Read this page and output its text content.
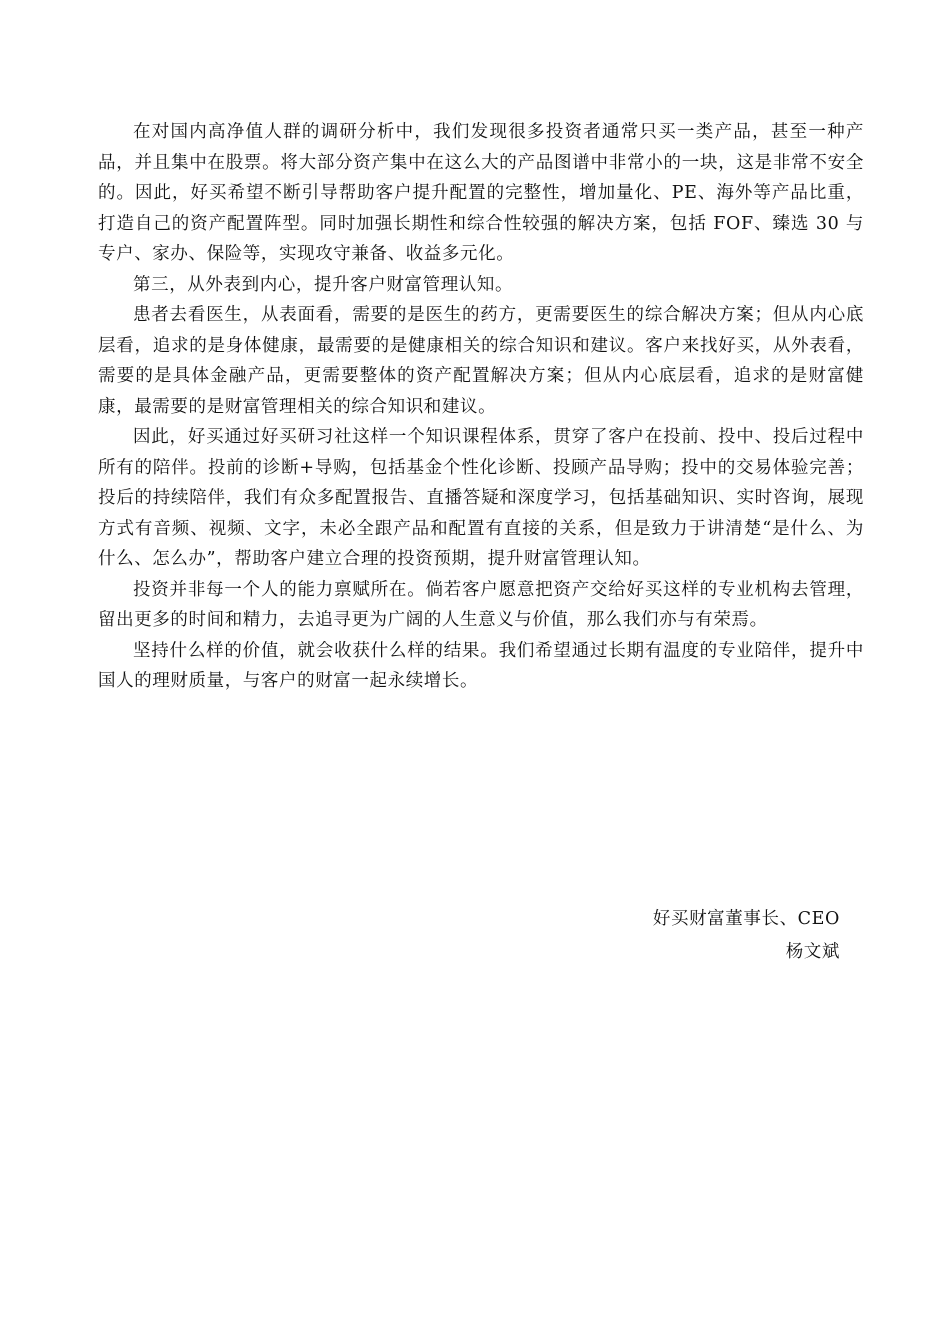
在对国内高净值人群的调研分析中，我们发现很多投资者通常只买一类产品，甚至一种产品，并且集中在股票。将大部分资产集中在这么大的产品图谱中非常小的一块，这是非常不安全的。因此，好买希望不断引导帮助客户提升配置的完整性，增加量化、PE、海外等产品比重，打造自己的资产配置阵型。同时加强长期性和综合性较强的解决方案，包括 FOF、臻选 30 与专户、家办、保险等，实现攻守兼备、收益多元化。

第三，从外表到内心，提升客户财富管理认知。

患者去看医生，从表面看，需要的是医生的药方，更需要医生的综合解决方案；但从内心底层看，追求的是身体健康，最需要的是健康相关的综合知识和建议。客户来找好买，从外表看，需要的是具体金融产品，更需要整体的资产配置解决方案；但从内心底层看，追求的是财富健康，最需要的是财富管理相关的综合知识和建议。

因此，好买通过好买研习社这样一个知识课程体系，贯穿了客户在投前、投中、投后过程中所有的陪伴。投前的诊断+导购，包括基金个性化诊断、投顾产品导购；投中的交易体验完善；投后的持续陪伴，我们有众多配置报告、直播答疑和深度学习，包括基础知识、实时咨询，展现方式有音频、视频、文字，未必全跟产品和配置有直接的关系，但是致力于讲清楚“是什么、为什么、怎么办”，帮助客户建立合理的投资预期，提升财富管理认知。

投资并非每一个人的能力禀赋所在。倘若客户愿意把资产交给好买这样的专业机构去管理，留出更多的时间和精力，去追寻更为广阔的人生意义与价值，那么我们亦与有荣焉。

坚持什么样的价值，就会收获什么样的结果。我们希望通过长期有温度的专业陪伴，提升中国人的理财质量，与客户的财富一起永续增长。

好买财富董事长、CEO
杨文斌
